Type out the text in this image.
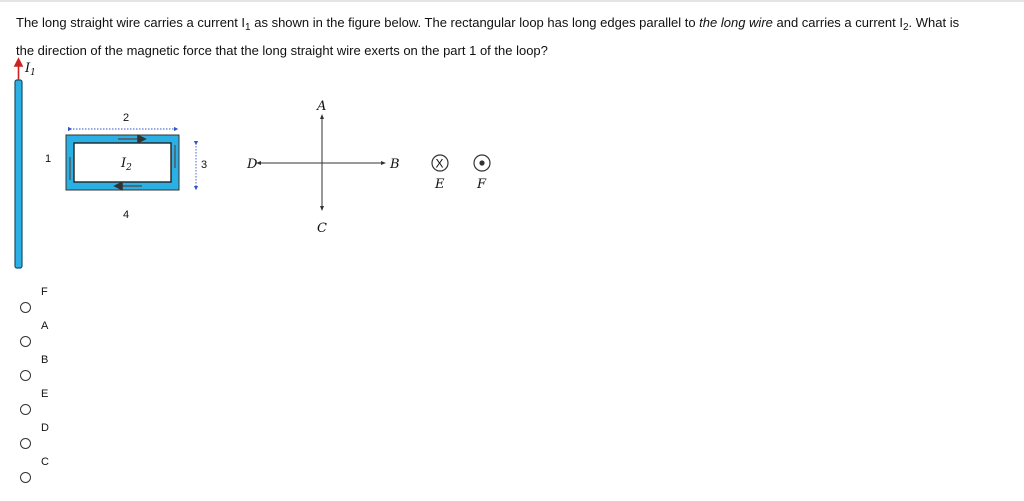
The long straight wire carries a current $I_1$ as shown in the figure below. The rectangular loop has long edges parallel to the long wire and carries a current $I_2$. What is
the direction of the magnetic force that the long straight wire exerts on the part 1 of the loop?
$I_1$
$I_2$
1
2
3
4
A
C
D	B	X
E	F
F
A
B
E
D
C
